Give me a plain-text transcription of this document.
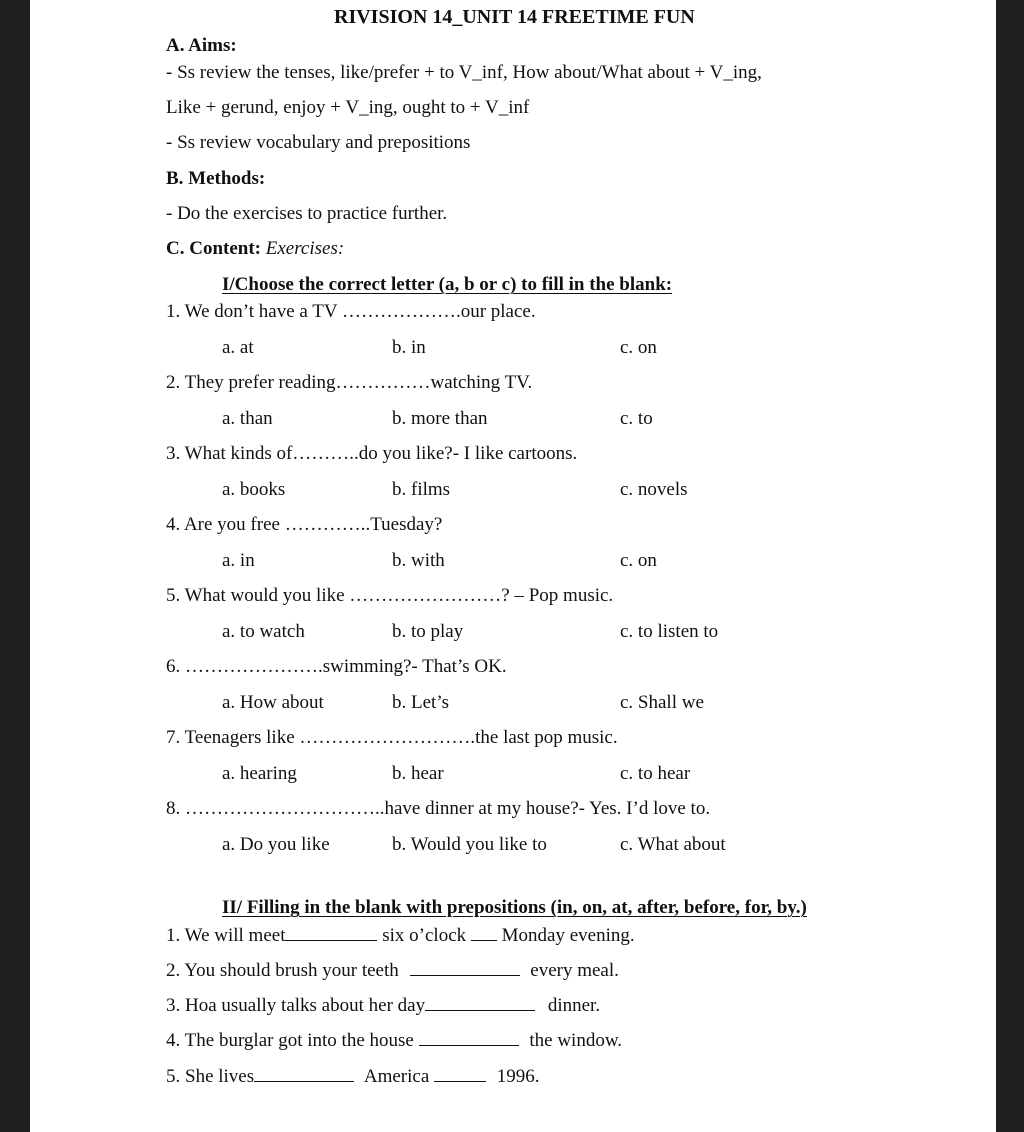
RIVISION 14_UNIT 14 FREETIME FUN
A. Aims:
- Ss review the tenses, like/prefer + to V_inf, How about/What about + V_ing,
Like + gerund, enjoy + V_ing, ought to + V_inf
- Ss review vocabulary and prepositions
B. Methods:
- Do the exercises to practice further.
C. Content: Exercises:
I/Choose the correct letter (a, b or c) to fill in the blank:
1. We don’t have a TV ……………….our place.
a. at	b. in	c. on
2. They prefer reading……………watching TV.
a. than	b. more than	c. to
3. What kinds of………..do you like?- I like cartoons.
a. books	b. films	c. novels
4. Are you free …………..Tuesday?
a. in	b. with	c. on
5. What would you like ……………………? – Pop music.
a. to watch	b. to play	c. to listen to
6. ………………….swimming?- That’s OK.
a. How about	b. Let’s	c. Shall we
7. Teenagers like ……………………….the last pop music.
a. hearing	b. hear	c. to hear
8. …………………………..have dinner at my house?- Yes. I’d love to.
a. Do you like	b. Would you like to	c. What about
II/ Filling in the blank with prepositions (in, on, at, after, before, for, by.)
1. We will meet	six o’clock Monday evening.
2. You should brush your teeth	every meal.
3. Hoa usually talks about her day	dinner.
4. The burglar got into the house	the window.
5. She lives	America	1996.
